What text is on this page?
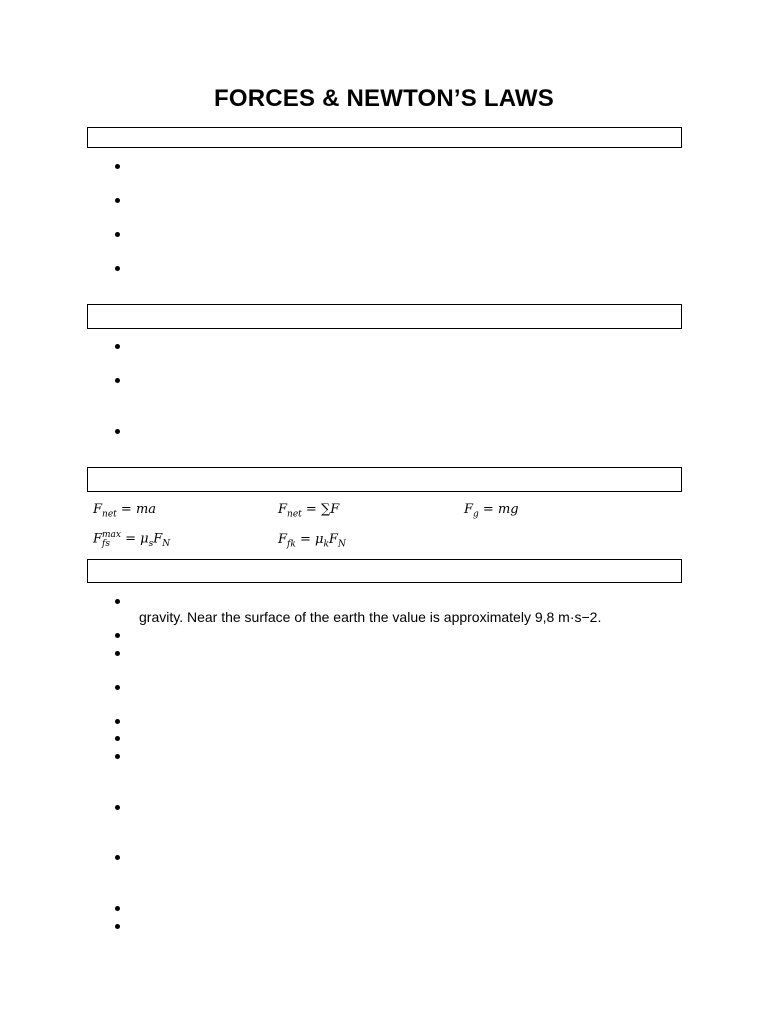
FORCES & NEWTON’S LAWS
$F_{net}$ = ma	$F_{net} = \sum F$	$F_g$ = mg
$F_{fs}^{max} = \mu_sF_N$	$F_{fk} = \mu_kF_N$
gravity. Near the surface of the earth the value is approximately 9,8 m·s−2.
